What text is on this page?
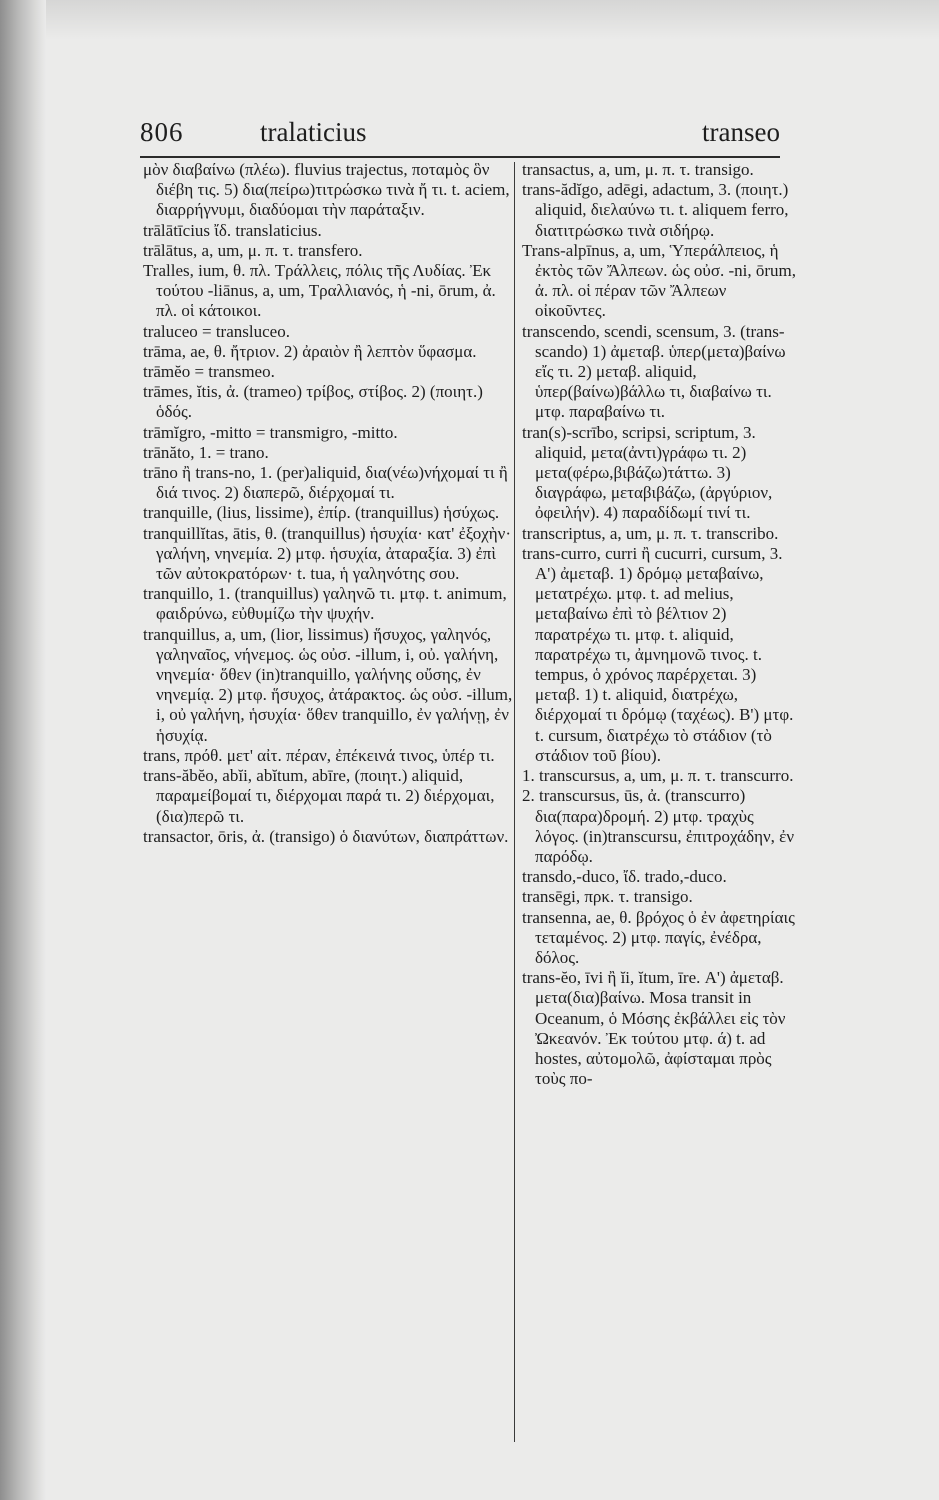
806	tralaticius	transeo

μὸν διαβαίνω (πλέω). fluvius trajectus, ποταμὸς ὃν διέβη τις. 5) δια(πείρω)τιτρώσκω τινὰ ἤ τι. t. aciem, διαρρήγνυμι, διαδύομαι τὴν παράταξιν.

trālātīcius ἴδ. translaticius.

trālātus, a, um, μ. π. τ. transfero.

Tralles, ium, θ. πλ. Τράλλεις, πόλις τῆς Λυδίας. Ἐκ τούτου -liānus, a, um, Τραλλιανός, ἡ -ni, ōrum, ἀ. πλ. οἱ κάτοικοι.

traluceo = transluceo.

trāma, ae, θ. ἤτριον. 2) ἀραιὸν ἢ λεπτὸν ὕφασμα.

trāmĕo = transmeo.

trāmes, ĭtis, ἀ. (trameo) τρίβος, στίβος. 2) (ποιητ.) ὁδός.

trāmĭgro, -mitto = transmigro, -mitto.

trānăto, 1. = trano.

trāno ἢ trans-no, 1. (per)aliquid, δια(νέω)νήχομαί τι ἢ διά τινος. 2) διαπερῶ, διέρχομαί τι.

tranquille, (lius, lissime), ἐπίρ. (tranquillus) ἡσύχως.

tranquillĭtas, ātis, θ. (tranquillus) ἡσυχία· κατ' ἐξοχὴν· γαλήνη, νηνεμία. 2) μτφ. ἡσυχία, ἀταραξία. 3) ἐπὶ τῶν αὐτοκρατόρων· t. tua, ἡ γαληνότης σου.

tranquillo, 1. (tranquillus) γαληνῶ τι. μτφ. t. animum, φαιδρύνω, εὐθυμίζω τὴν ψυχήν.

tranquillus, a, um, (lior, lissimus) ἥσυχος, γαληνός, γαληναῖος, νήνεμος. ὡς οὐσ. -illum, i, οὐ. γαλήνη, νηνεμία· ὅθεν (in)tranquillo, γαλήνης οὔσης, ἐν νηνεμίᾳ. 2) μτφ. ἥσυχος, ἀτάρακτος. ὡς οὐσ. -illum, i, οὐ γαλήνη, ἡσυχία· ὅθεν tranquillo, ἐν γαλήνῃ, ἐν ἡσυχίᾳ.

trans, πρόθ. μετ' αἰτ. πέραν, ἐπέκεινά τινος, ὑπέρ τι.

trans-ăbĕo, abĭi, abĭtum, abīre, (ποιητ.) aliquid, παραμείβομαί τι, διέρχομαι παρά τι. 2) διέρχομαι, (δια)περῶ τι.

transactor, ōris, ἀ. (transigo) ὁ διανύτων, διαπράττων.

transactus, a, um, μ. π. τ. transigo.

trans-ădĭgo, adēgi, adactum, 3. (ποιητ.) aliquid, διελαύνω τι. t. aliquem ferro, διατιτρώσκω τινὰ σιδήρῳ.

Trans-alpīnus, a, um, Ὑπεράλπειος, ἡ ἐκτὸς τῶν Ἄλπεων. ὡς οὐσ. -ni, ōrum, ἀ. πλ. οἱ πέραν τῶν Ἄλπεων οἰκοῦντες.

transcendo, scendi, scensum, 3. (trans-scando) 1) ἀμεταβ. ὑπερ(μετα)βαίνω εἴς τι. 2) μεταβ. aliquid, ὑπερ(βαίνω)βάλλω τι, διαβαίνω τι. μτφ. παραβαίνω τι.

tran(s)-scrībo, scripsi, scriptum, 3. aliquid, μετα(ἀντι)γράφω τι. 2) μετα(φέρω,βιβάζω)τάττω. 3) διαγράφω, μεταβιβάζω, (ἀργύριον, ὀφειλήν). 4) παραδίδωμί τινί τι.

transcriptus, a, um, μ. π. τ. transcribo.

trans-curro, curri ἢ cucurri, cursum, 3. Α') ἀμεταβ. 1) δρόμῳ μεταβαίνω, μετατρέχω. μτφ. t. ad melius, μεταβαίνω ἐπὶ τὸ βέλτιον 2) παρατρέχω τι. μτφ. t. aliquid, παρατρέχω τι, ἀμνημονῶ τινος. t. tempus, ὁ χρόνος παρέρχεται. 3) μεταβ. 1) t. aliquid, διατρέχω, διέρχομαί τι δρόμῳ (ταχέως). Β') μτφ. t. cursum, διατρέχω τὸ στάδιον (τὸ στάδιον τοῦ βίου).

1. transcursus, a, um, μ. π. τ. transcurro.

2. transcursus, ūs, ἀ. (transcurro) δια(παρα)δρομή. 2) μτφ. τραχὺς λόγος. (in)transcursu, ἐπιτροχάδην, ἐν παρόδῳ.

transdo,-duco, ἴδ. trado,-duco.

transēgi, πρκ. τ. transigo.

transenna, ae, θ. βρόχος ὁ ἐν ἀφετηρίαις τεταμένος. 2) μτφ. παγίς, ἐνέδρα, δόλος.

trans-ĕo, īvi ἢ ĭi, ĭtum, īre. Α') ἀμεταβ. μετα(δια)βαίνω. Mosa transit in Oceanum, ὁ Μόσης ἐκβάλλει εἰς τὸν Ὠκεανόν. Ἐκ τούτου μτφ. ά) t. ad hostes, αὐτομολῶ, ἀφίσταμαι πρὸς τοὺς πο-
